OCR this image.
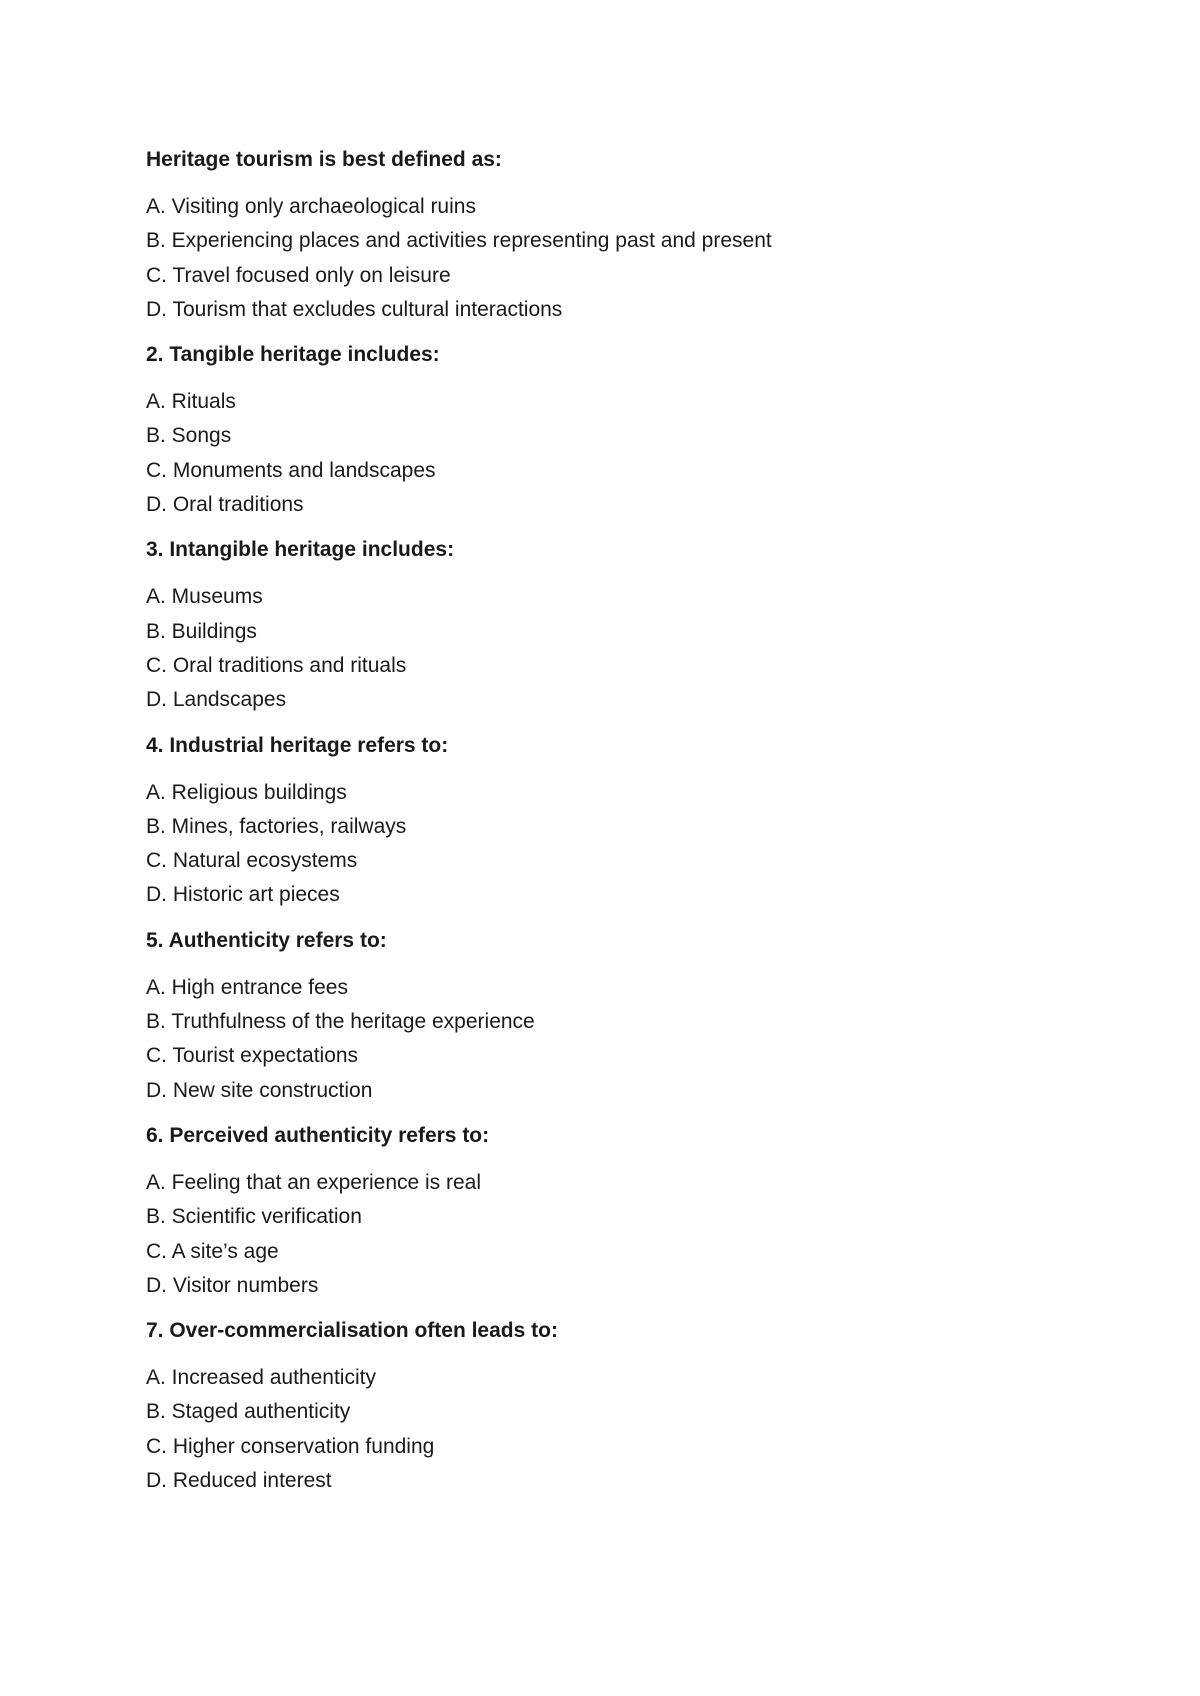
Heritage tourism is best defined as:

A. Visiting only archaeological ruins

B. Experiencing places and activities representing past and present

C. Travel focused only on leisure

D. Tourism that excludes cultural interactions

2. Tangible heritage includes:

A. Rituals

B. Songs

C. Monuments and landscapes

D. Oral traditions

3. Intangible heritage includes:

A. Museums

B. Buildings

C. Oral traditions and rituals

D. Landscapes

4. Industrial heritage refers to:

A. Religious buildings

B. Mines, factories, railways

C. Natural ecosystems

D. Historic art pieces

5. Authenticity refers to:

A. High entrance fees

B. Truthfulness of the heritage experience

C. Tourist expectations

D. New site construction

6. Perceived authenticity refers to:

A. Feeling that an experience is real

B. Scientific verification

C. A site’s age

D. Visitor numbers

7. Over-commercialisation often leads to:

A. Increased authenticity

B. Staged authenticity

C. Higher conservation funding

D. Reduced interest
